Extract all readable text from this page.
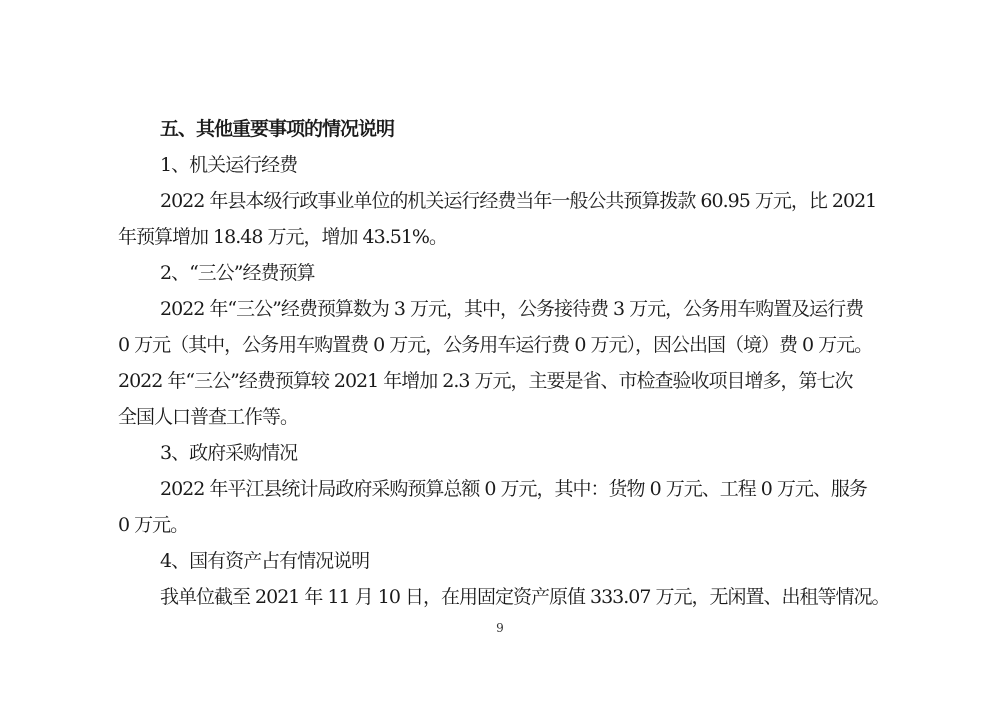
五、其他重要事项的情况说明
1、机关运行经费
2022 年县本级行政事业单位的机关运行经费当年一般公共预算拨款 60.95 万元，比 2021
年预算增加 18.48 万元，增加 43.51%。
2、“三公”经费预算
2022 年“三公”经费预算数为 3 万元，其中，公务接待费 3 万元，公务用车购置及运行费
0 万元（其中，公务用车购置费 0 万元，公务用车运行费 0 万元），因公出国（境）费 0 万元。
2022 年“三公”经费预算较 2021 年增加 2.3 万元，主要是省、市检查验收项目增多，第七次
全国人口普查工作等。
3、政府采购情况
2022 年平江县统计局政府采购预算总额 0 万元，其中：货物 0 万元、工程 0 万元、服务
0 万元。
4、国有资产占有情况说明
我单位截至 2021 年 11 月 10 日，在用固定资产原值 333.07 万元，无闲置、出租等情况。
9
